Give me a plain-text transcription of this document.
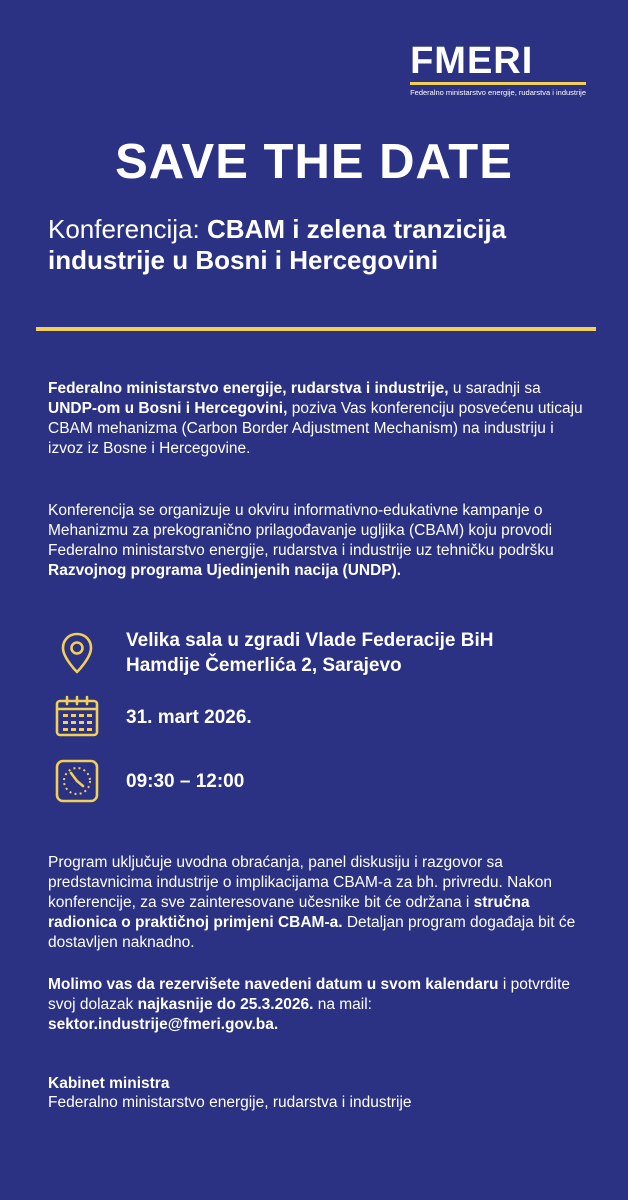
FMERI
Federalno ministarstvo energije, rudarstva i industrije
SAVE THE DATE
Konferencija: CBAM i zelena tranzicija industrije u Bosni i Hercegovini
Federalno ministarstvo energije, rudarstva i industrije, u saradnji sa UNDP-om u Bosni i Hercegovini, poziva Vas konferenciju posvećenu uticaju CBAM mehanizma (Carbon Border Adjustment Mechanism) na industriju i izvoz iz Bosne i Hercegovine.
Konferencija se organizuje u okviru informativno-edukativne kampanje o Mehanizmu za prekogranično prilagođavanje ugljika (CBAM) koju provodi Federalno ministarstvo energije, rudarstva i industrije uz tehničku podršku Razvojnog programa Ujedinjenih nacija (UNDP).
Velika sala u zgradi Vlade Federacije BiH
Hamdije Čemerlića 2, Sarajevo
31. mart 2026.
09:30 – 12:00
Program uključuje uvodna obraćanja, panel diskusiju i razgovor sa predstavnicima industrije o implikacijama CBAM-a za bh. privredu. Nakon konferencije, za sve zainteresovane učesnike bit će održana i stručna radionica o praktičnoj primjeni CBAM-a. Detaljan program događaja bit će dostavljen naknadno.
Molimo vas da rezervišete navedeni datum u svom kalendaru i potvrdite svoj dolazak najkasnije do 25.3.2026. na mail: sektor.industrije@fmeri.gov.ba.
Kabinet ministra
Federalno ministarstvo energije, rudarstva i industrije
